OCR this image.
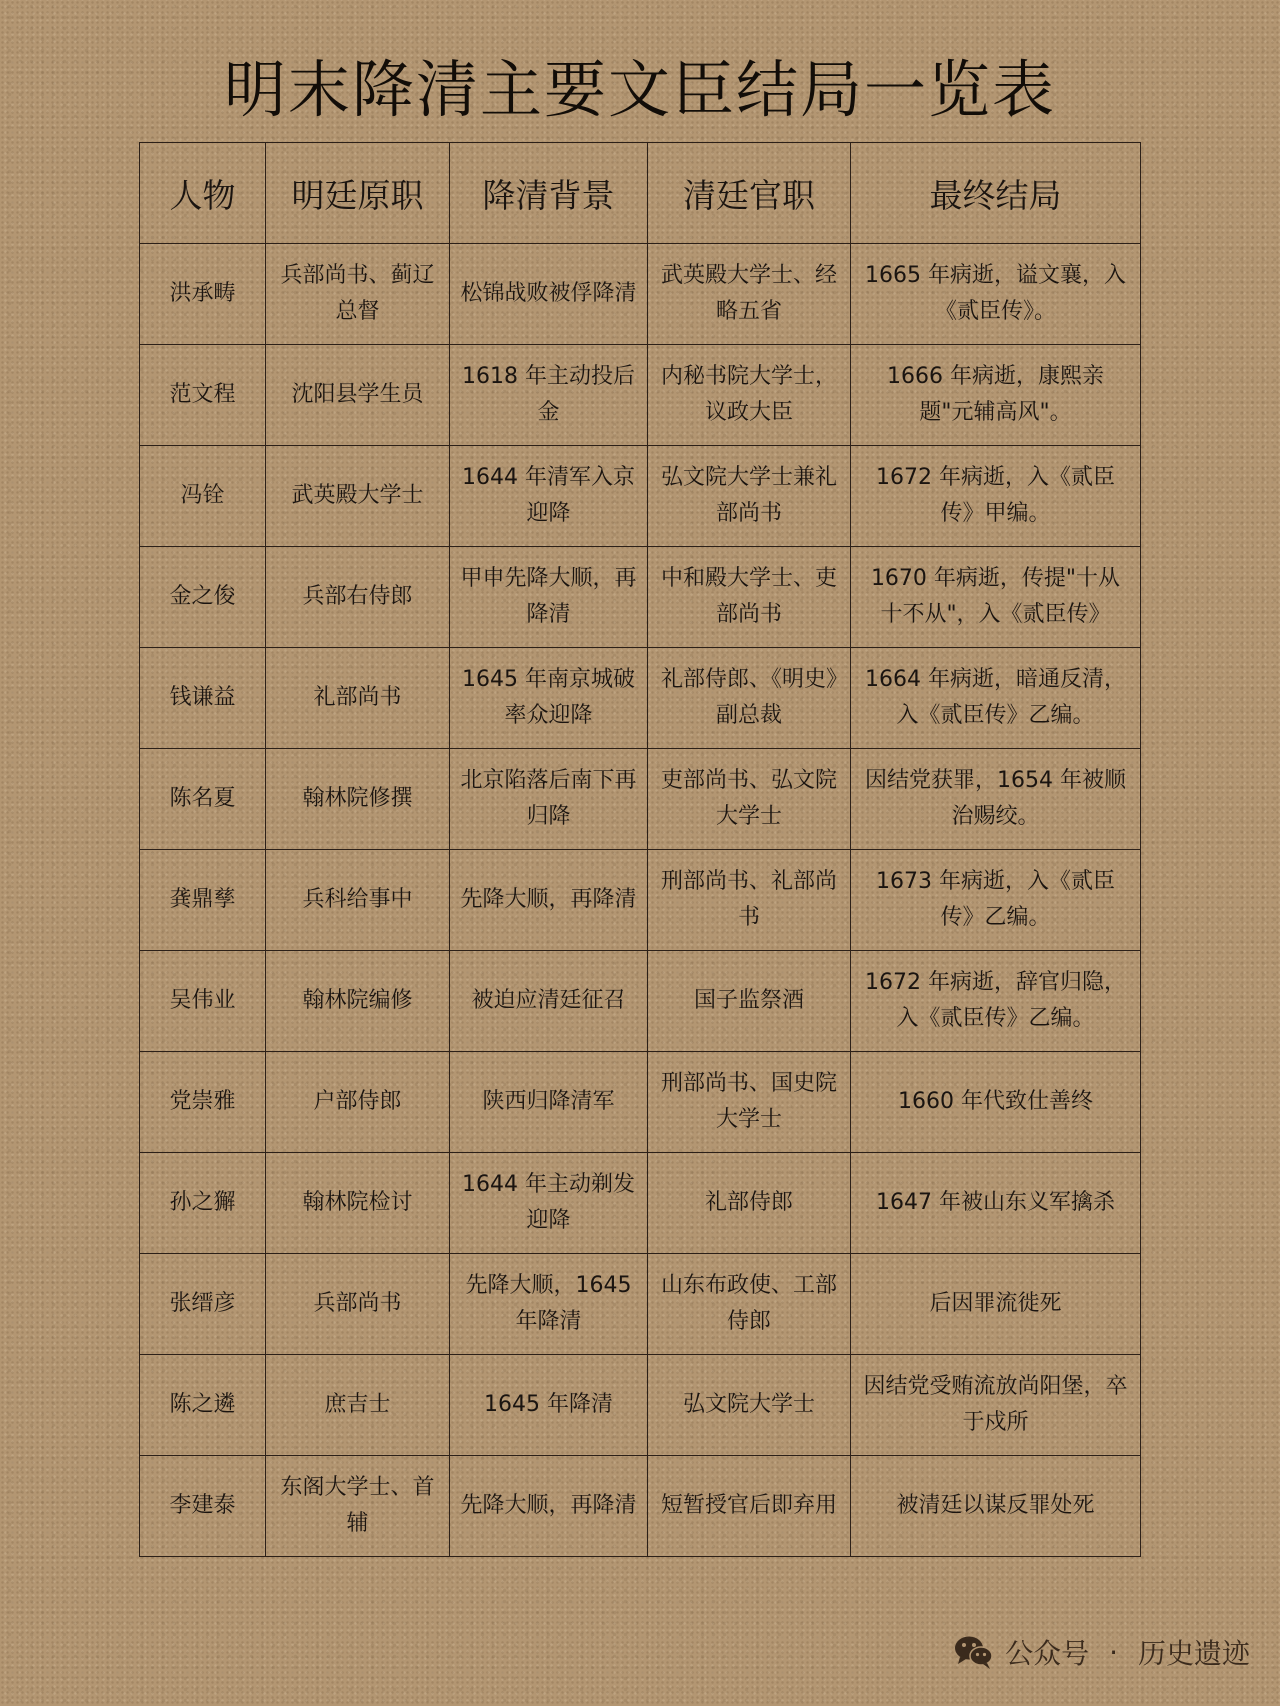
明末降清主要文臣结局一览表
人物	明廷原职	降清背景	清廷官职	最终结局
洪承畴	兵部尚书、蓟辽总督	松锦战败被俘降清	武英殿大学士、经略五省	1665 年病逝，谥文襄，入《贰臣传》。
范文程	沈阳县学生员	1618 年主动投后金	内秘书院大学士，议政大臣	1666 年病逝，康熙亲题"元辅高风"。
冯铨	武英殿大学士	1644 年清军入京迎降	弘文院大学士兼礼部尚书	1672 年病逝，入《贰臣传》甲编。
金之俊	兵部右侍郎	甲申先降大顺，再降清	中和殿大学士、吏部尚书	1670 年病逝，传提"十从十不从"，入《贰臣传》
钱谦益	礼部尚书	1645 年南京城破率众迎降	礼部侍郎、《明史》副总裁	1664 年病逝，暗通反清，入《贰臣传》乙编。
陈名夏	翰林院修撰	北京陷落后南下再归降	吏部尚书、弘文院大学士	因结党获罪，1654 年被顺治赐绞。
龚鼎孳	兵科给事中	先降大顺，再降清	刑部尚书、礼部尚书	1673 年病逝，入《贰臣传》乙编。
吴伟业	翰林院编修	被迫应清廷征召	国子监祭酒	1672 年病逝，辞官归隐，入《贰臣传》乙编。
党崇雅	户部侍郎	陕西归降清军	刑部尚书、国史院大学士	1660 年代致仕善终
孙之獬	翰林院检讨	1644 年主动剃发迎降	礼部侍郎	1647 年被山东义军擒杀
张缙彦	兵部尚书	先降大顺，1645 年降清	山东布政使、工部侍郎	后因罪流徙死
陈之遴	庶吉士	1645 年降清	弘文院大学士	因结党受贿流放尚阳堡，卒于戍所
李建泰	东阁大学士、首辅	先降大顺，再降清	短暂授官后即弃用	被清廷以谋反罪处死
公众号 · 历史遗迹
